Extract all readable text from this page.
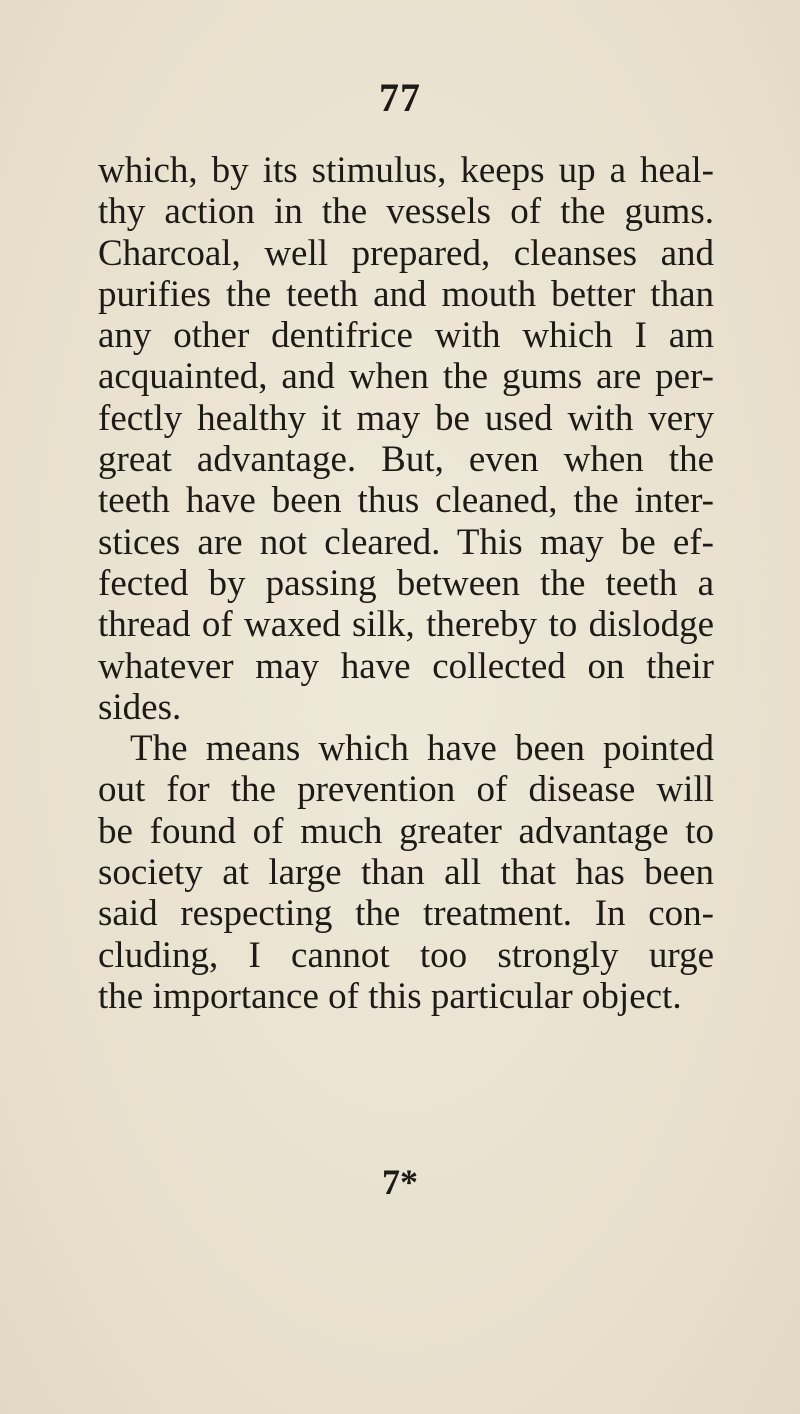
77
which, by its stimulus, keeps up a heal-
thy action in the vessels of the gums.
Charcoal, well prepared, cleanses and
purifies the teeth and mouth better than
any other dentifrice with which I am
acquainted, and when the gums are per-
fectly healthy it may be used with very
great advantage. But, even when the
teeth have been thus cleaned, the inter-
stices are not cleared. This may be ef-
fected by passing between the teeth a
thread of waxed silk, thereby to dislodge
whatever may have collected on their
sides.
The means which have been pointed
out for the prevention of disease will
be found of much greater advantage to
society at large than all that has been
said respecting the treatment. In con-
cluding, I cannot too strongly urge
the importance of this particular object.
7*
